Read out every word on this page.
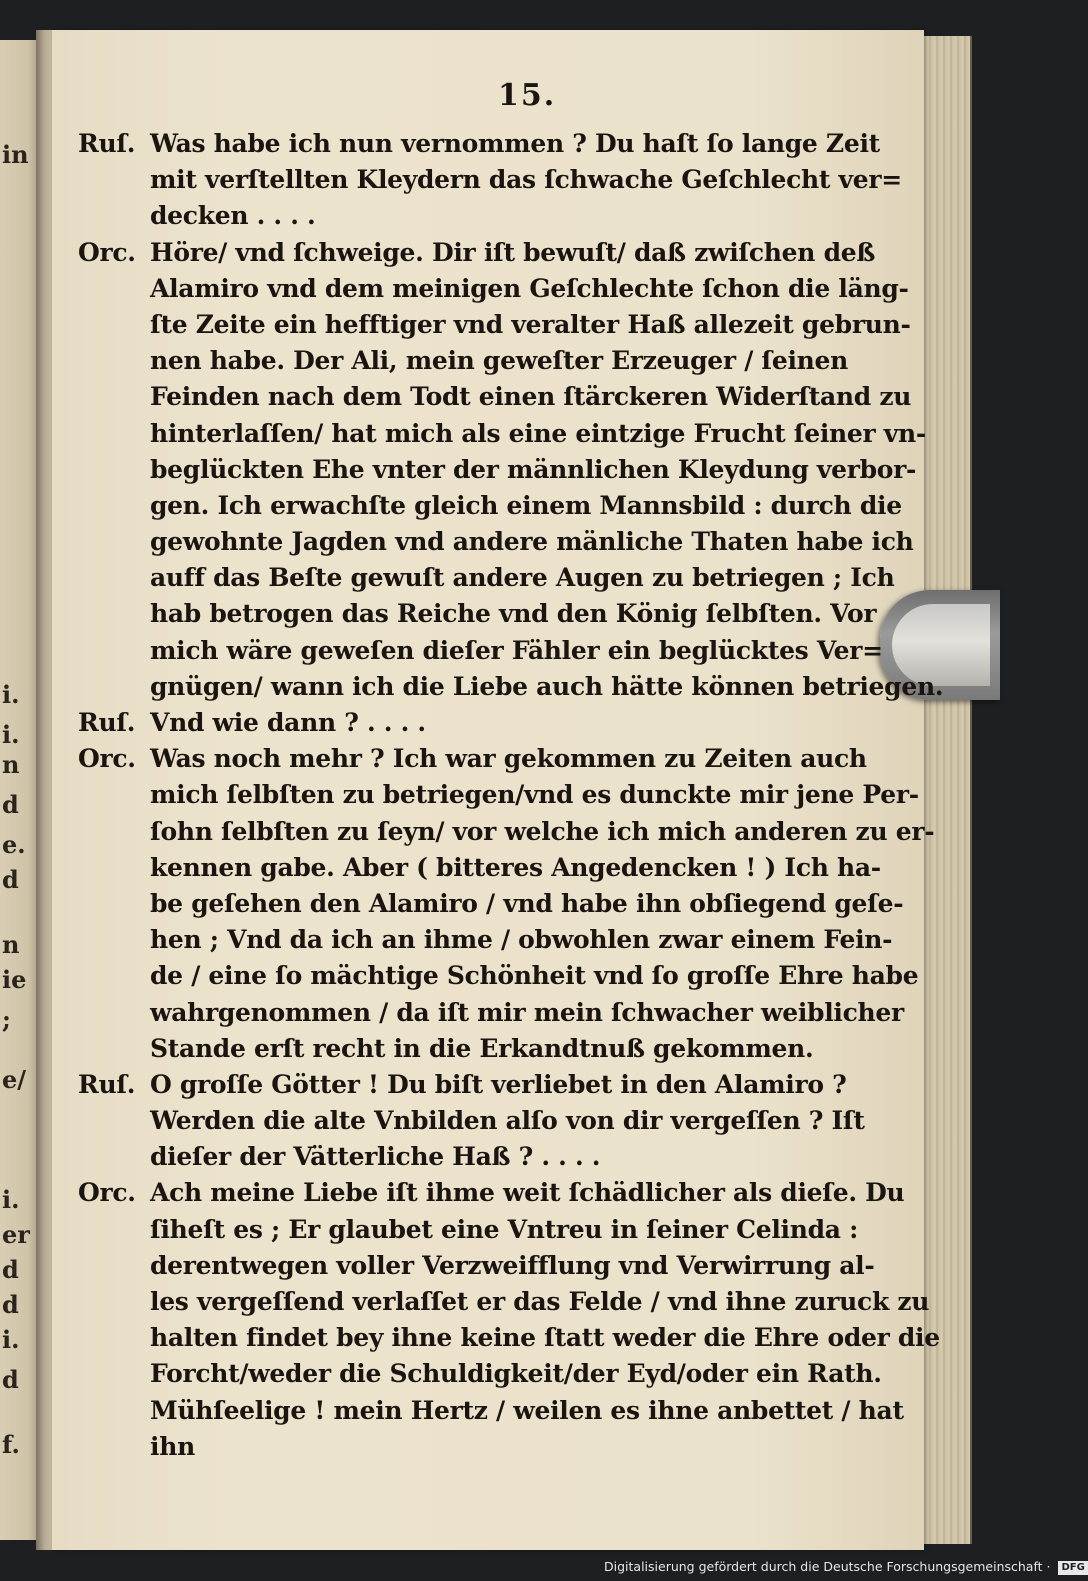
in
i.
i.
n
d
e.
d
n
ie
;
e/
i.
er
d
d
i.
d
f.
15.
Ruſ. Was habe ich nun vernommen ? Du haſt ſo lange Zeit
mit verſtellten Kleydern das ſchwache Geſchlecht ver=
decken . . . .
Orc. Höre/ vnd ſchweige. Dir iſt bewuſt/ daß zwiſchen deß
Alamiro vnd dem meinigen Geſchlechte ſchon die läng-
ſte Zeite ein hefftiger vnd veralter Haß allezeit gebrun-
nen habe. Der Ali, mein geweſter Erzeuger / ſeinen
Feinden nach dem Todt einen ſtärckeren Widerſtand zu
hinterlaſſen/ hat mich als eine eintzige Frucht ſeiner vn-
beglückten Ehe vnter der männlichen Kleydung verbor-
gen. Ich erwachſte gleich einem Mannsbild : durch die
gewohnte Jagden vnd andere mänliche Thaten habe ich
auff das Beſte gewuſt andere Augen zu betriegen ; Ich
hab betrogen das Reiche vnd den König ſelbſten. Vor
mich wäre geweſen dieſer Fähler ein beglücktes Ver=
gnügen/ wann ich die Liebe auch hätte können betriegen.
Ruſ. Vnd wie dann ? . . . .
Orc. Was noch mehr ? Ich war gekommen zu Zeiten auch
mich ſelbſten zu betriegen/vnd es dunckte mir jene Per-
ſohn ſelbſten zu ſeyn/ vor welche ich mich anderen zu er-
kennen gabe. Aber ( bitteres Angedencken ! ) Ich ha-
be geſehen den Alamiro / vnd habe ihn obſiegend geſe-
hen ; Vnd da ich an ihme / obwohlen zwar einem Fein-
de / eine ſo mächtige Schönheit vnd ſo groſſe Ehre habe
wahrgenommen / da iſt mir mein ſchwacher weiblicher
Stande erſt recht in die Erkandtnuß gekommen.
Ruſ. O groſſe Götter ! Du biſt verliebet in den Alamiro ?
Werden die alte Vnbilden alſo von dir vergeſſen ? Iſt
dieſer der Vätterliche Haß ? . . . .
Orc. Ach meine Liebe iſt ihme weit ſchädlicher als dieſe. Du
ſiheſt es ; Er glaubet eine Vntreu in ſeiner Celinda :
derentwegen voller Verzweifflung vnd Verwirrung al-
les vergeſſend verlaſſet er das Felde / vnd ihne zuruck zu
halten findet bey ihne keine ſtatt weder die Ehre oder die
Forcht/weder die Schuldigkeit/der Eyd/oder ein Rath.
Mühſeelige ! mein Hertz / weilen es ihne anbettet / hat
ihn
Digitalisierung gefördert durch die Deutsche Forschungsgemeinschaft · DFG
